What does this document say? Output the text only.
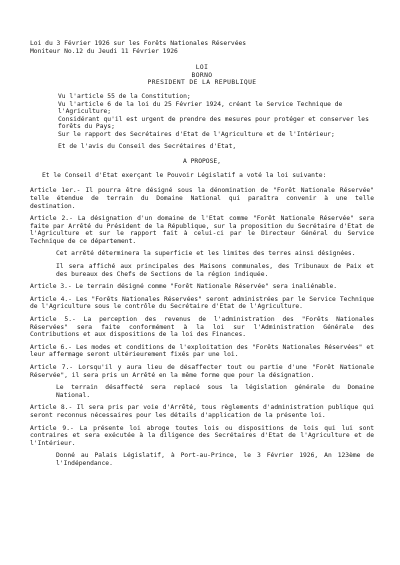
Loi du 3 Février 1926 sur les Forêts Nationales Réservées
Moniteur No.12 du Jeudi 11 Février 1926
LOI
BORNO
PRESIDENT DE LA REPUBLIQUE

Vu l'article 55 de la Constitution;

Vu l'article 6 de la loi du 25 Février 1924, créant le Service Technique de l'Agriculture;

Considérant qu'il est urgent de prendre des mesures pour protéger et conserver les forêts du Pays;

Sur le rapport des Secrétaires d'Etat de l'Agriculture et de l'Intérieur;

Et de l'avis du Conseil des Secrétaires d'Etat,

A PROPOSE,

Et le Conseil d'Etat exerçant le Pouvoir Législatif a voté la loi suivante:

Article 1er.- Il pourra être désigné sous la dénomination de "Forêt Nationale Réservée" telle étendue de terrain du Domaine National qui paraîtra convenir à une telle destination.

Article 2.- La désignation d'un domaine de l'Etat comme "Forêt Nationale Réservée" sera faite par Arrêté du Président de la République, sur la proposition du Secrétaire d'Etat de l'Agriculture et sur le rapport fait à celui-ci par le Directeur Général du Service Technique de ce département.

Cet arrêté déterminera la superficie et les limites des terres ainsi désignées.

Il sera affiché aux principales des Maisons communales, des Tribunaux de Paix et des bureaux des Chefs de Sections de la région indiquée.

Article 3.- Le terrain désigné comme "Forêt Nationale Réservée" sera inaliénable.

Article 4.- Les "Forêts Nationales Réservées" seront administrées par le Service Technique de l'Agriculture sous le contrôle du Secrétaire d'Etat de l'Agriculture.

Article 5.- La perception des revenus de l'administration des "Forêts Nationales Réservées" sera faite conformément à la loi sur l'Administration Générale des Contributions et aux dispositions de la loi des Finances.

Article 6.- Les modes et conditions de l'exploitation des "Forêts Nationales Réservées" et leur affermage seront ultérieurement fixés par une loi.

Article 7.- Lorsqu'il y aura lieu de désaffecter tout ou partie d'une "Forêt Nationale Réservée", il sera pris un Arrêté en la même forme que pour la désignation.

Le terrain désaffecté sera replacé sous la législation générale du Domaine National.

Article 8.- Il sera pris par voie d'Arrêté, tous règlements d'administration publique qui seront reconnus nécessaires pour les détails d'application de la présente loi.

Article 9.- La présente loi abroge toutes lois ou dispositions de lois qui lui sont contraires et sera exécutée à la diligence des Secrétaires d'Etat de l'Agriculture et de l'Intérieur.

Donné au Palais Législatif, à Port-au-Prince, le 3 Février 1926, An 123ème de l'Indépendance.
